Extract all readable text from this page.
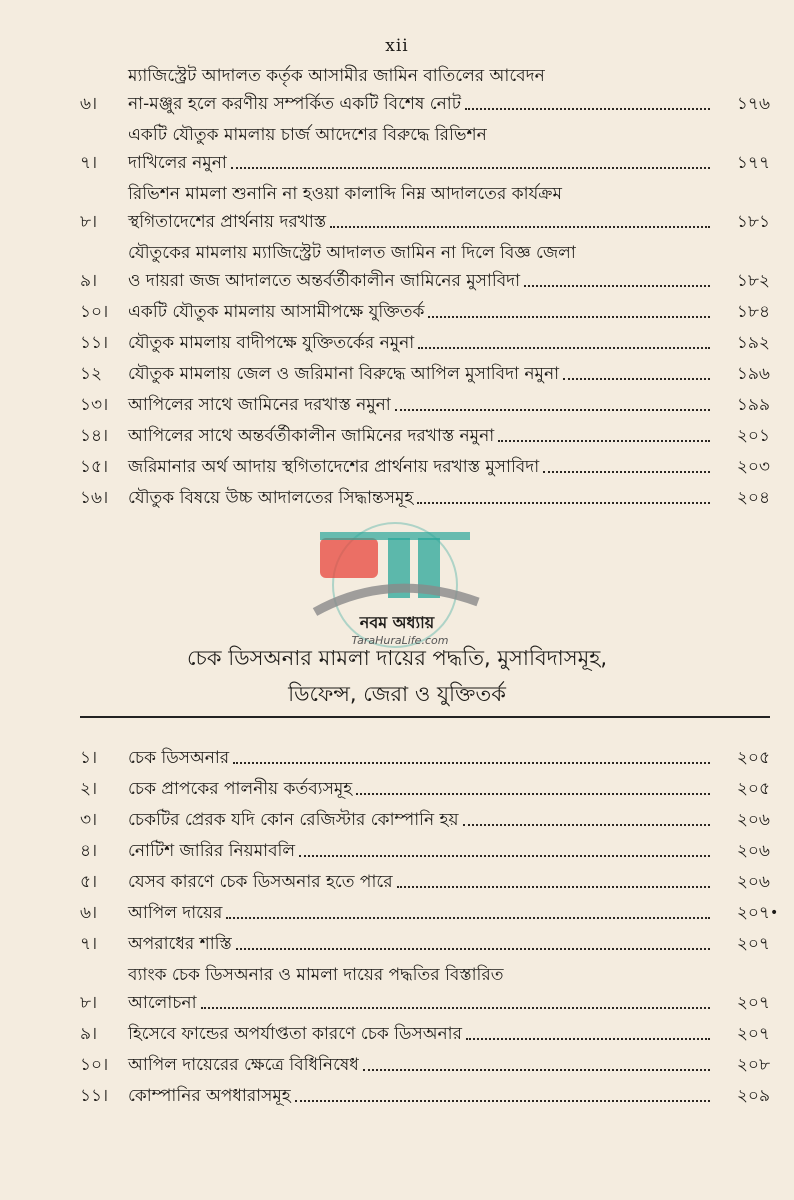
xii
৬।
ম্যাজিস্ট্রেট আদালত কর্তৃক আসামীর জামিন বাতিলের আবেদন
না-মঞ্জুর হলে করণীয় সম্পর্কিত একটি বিশেষ নোট	১৭৬
৭।
একটি যৌতুক মামলায় চার্জ আদেশের বিরুদ্ধে রিভিশন
দাখিলের নমুনা	১৭৭
৮।
রিভিশন মামলা শুনানি না হওয়া কালাব্দি নিম্ন আদালতের কার্যক্রম
স্থগিতাদেশের প্রার্থনায় দরখাস্ত	১৮১
৯।
যৌতুকের মামলায় ম্যাজিস্ট্রেট আদালত জামিন না দিলে বিজ্ঞ জেলা
ও দায়রা জজ আদালতে অন্তর্বর্তীকালীন জামিনের মুসাবিদা	১৮২
১০।	একটি যৌতুক মামলায় আসামীপক্ষে যুক্তিতর্ক	১৮৪
১১।	যৌতুক মামলায় বাদীপক্ষে যুক্তিতর্কের নমুনা	১৯২
১২	যৌতুক মামলায় জেল ও জরিমানা বিরুদ্ধে আপিল মুসাবিদা নমুনা	১৯৬
১৩।	আপিলের সাথে জামিনের দরখাস্ত নমুনা	১৯৯
১৪।	আপিলের সাথে অন্তর্বর্তীকালীন জামিনের দরখাস্ত নমুনা	২০১
১৫।	জরিমানার অর্থ আদায় স্থগিতাদেশের প্রার্থনায় দরখাস্ত মুসাবিদা	২০৩
১৬।	যৌতুক বিষয়ে উচ্চ আদালতের সিদ্ধান্তসমূহ	২০৪
TaraHuraLife.com
নবম অধ্যায়
চেক ডিসঅনার মামলা দায়ের পদ্ধতি, মুসাবিদাসমূহ,
ডিফেন্স, জেরা ও যুক্তিতর্ক
১।	চেক ডিসঅনার	২০৫
২।	চেক প্রাপকের পালনীয় কর্তব্যসমূহ	২০৫
৩।	চেকটির প্রেরক যদি কোন রেজিস্টার কোম্পানি হয়	২০৬
৪।	নোটিশ জারির নিয়মাবলি	২০৬
৫।	যেসব কারণে চেক ডিসঅনার হতে পারে	২০৬
৬।	আপিল দায়ের	২০৭
৭।	অপরাধের শাস্তি	২০৭
৮।
ব্যাংক চেক ডিসঅনার ও মামলা দায়ের পদ্ধতির বিস্তারিত
আলোচনা	২০৭
৯।	হিসেবে ফান্ডের অপর্যাপ্ততা কারণে চেক ডিসঅনার	২০৭
১০।	আপিল দায়েরের ক্ষেত্রে বিধিনিষেধ	২০৮
১১।	কোম্পানির অপধারাসমূহ	২০৯
•
